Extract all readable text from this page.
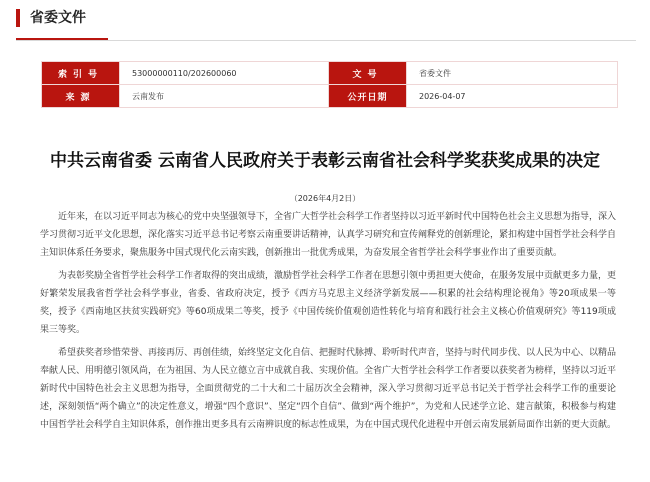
省委文件
索引号	53000000110/202600060	文号	省委文件
来源	云南发布	公开日期	2026-04-07
中共云南省委 云南省人民政府关于表彰云南省社会科学奖获奖成果的决定
（2026年4月2日）

近年来，在以习近平同志为核心的党中央坚强领导下，全省广大哲学社会科学工作者坚持以习近平新时代中国特色社会主义思想为指导，深入学习贯彻习近平文化思想，深化落实习近平总书记考察云南重要讲话精神，认真学习研究和宣传阐释党的创新理论，紧扣构建中国哲学社会科学自主知识体系任务要求，聚焦服务中国式现代化云南实践，创新推出一批优秀成果，为奋发展全省哲学社会科学事业作出了重要贡献。

为表彰奖励全省哲学社会科学工作者取得的突出成绩，激励哲学社会科学工作者在思想引领中勇担更大使命，在服务发展中贡献更多力量，更好繁荣发展我省哲学社会科学事业，省委、省政府决定，授予《西方马克思主义经济学新发展——积累的社会结构理论视角》等20项成果一等奖，授予《西南地区扶贫实践研究》等60项成果二等奖，授予《中国传统价值观创造性转化与培育和践行社会主义核心价值观研究》等119项成果三等奖。

希望获奖者珍惜荣誉、再接再厉、再创佳绩，始终坚定文化自信、把握时代脉搏、聆听时代声音，坚持与时代同步伐、以人民为中心、以精品奉献人民、用明德引领风尚，在为祖国、为人民立德立言中成就自我、实现价值。全省广大哲学社会科学工作者要以获奖者为榜样，坚持以习近平新时代中国特色社会主义思想为指导，全面贯彻党的二十大和二十届历次全会精神，深入学习贯彻习近平总书记关于哲学社会科学工作的重要论述，深刻领悟“两个确立”的决定性意义，增强“四个意识”、坚定“四个自信”、做到“两个维护”，为党和人民述学立论、建言献策，积极参与构建中国哲学社会科学自主知识体系，创作推出更多具有云南辨识度的标志性成果，为在中国式现代化进程中开创云南发展新局面作出新的更大贡献。
